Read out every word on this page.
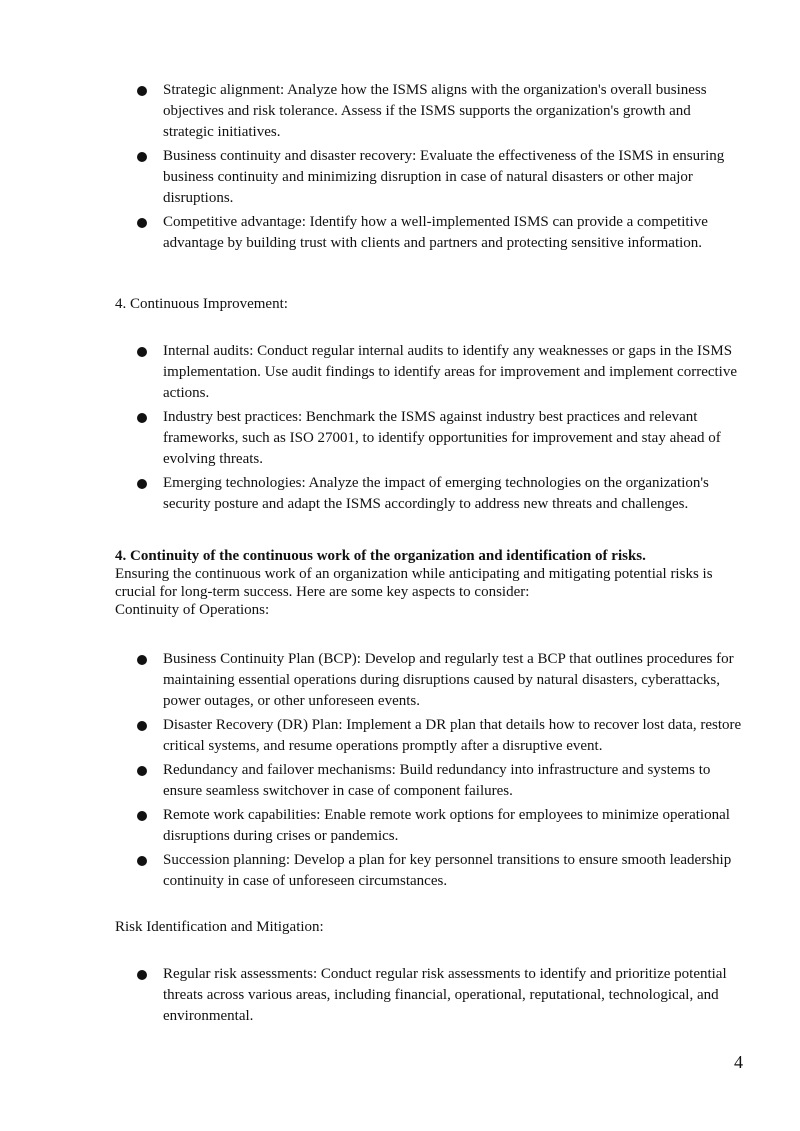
Strategic alignment: Analyze how the ISMS aligns with the organization's overall business objectives and risk tolerance. Assess if the ISMS supports the organization's growth and strategic initiatives.
Business continuity and disaster recovery: Evaluate the effectiveness of the ISMS in ensuring business continuity and minimizing disruption in case of natural disasters or other major disruptions.
Competitive advantage: Identify how a well-implemented ISMS can provide a competitive advantage by building trust with clients and partners and protecting sensitive information.
4. Continuous Improvement:
Internal audits: Conduct regular internal audits to identify any weaknesses or gaps in the ISMS implementation. Use audit findings to identify areas for improvement and implement corrective actions.
Industry best practices: Benchmark the ISMS against industry best practices and relevant frameworks, such as ISO 27001, to identify opportunities for improvement and stay ahead of evolving threats.
Emerging technologies: Analyze the impact of emerging technologies on the organization's security posture and adapt the ISMS accordingly to address new threats and challenges.
4. Continuity of the continuous work of the organization and identification of risks.
Ensuring the continuous work of an organization while anticipating and mitigating potential risks is crucial for long-term success. Here are some key aspects to consider:
Continuity of Operations:
Business Continuity Plan (BCP): Develop and regularly test a BCP that outlines procedures for maintaining essential operations during disruptions caused by natural disasters, cyberattacks, power outages, or other unforeseen events.
Disaster Recovery (DR) Plan: Implement a DR plan that details how to recover lost data, restore critical systems, and resume operations promptly after a disruptive event.
Redundancy and failover mechanisms: Build redundancy into infrastructure and systems to ensure seamless switchover in case of component failures.
Remote work capabilities: Enable remote work options for employees to minimize operational disruptions during crises or pandemics.
Succession planning: Develop a plan for key personnel transitions to ensure smooth leadership continuity in case of unforeseen circumstances.
Risk Identification and Mitigation:
Regular risk assessments: Conduct regular risk assessments to identify and prioritize potential threats across various areas, including financial, operational, reputational, technological, and environmental.
4
